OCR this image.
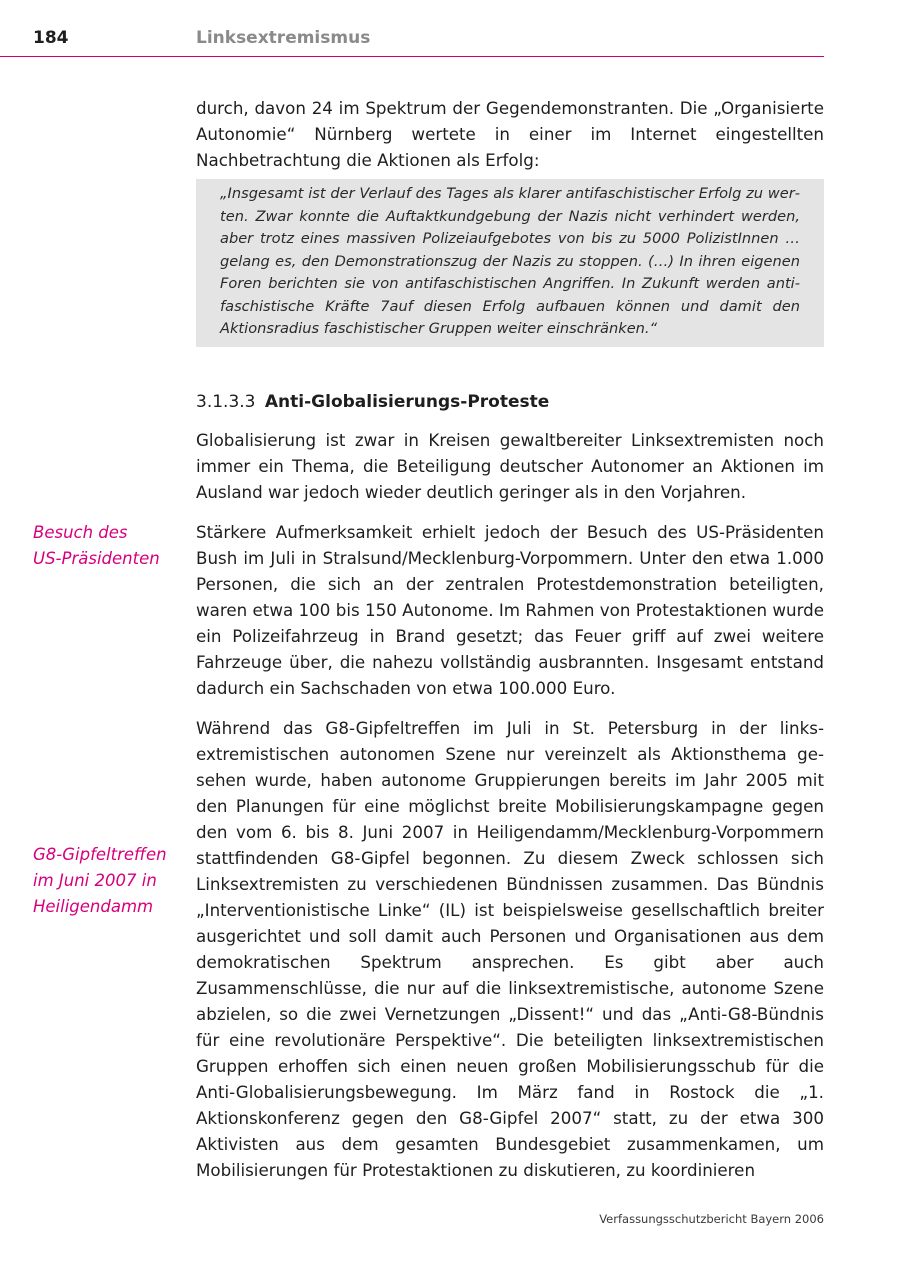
184	Linksextremismus
Besuch des
US-Präsidenten
G8-Gipfeltreffen
im Juni 2007 in
Heiligendamm

durch, davon 24 im Spektrum der Gegendemonstranten. Die „Organisierte Autonomie“ Nürnberg wertete in einer im Internet eingestellten Nachbetrachtung die Aktionen als Erfolg:

„Insgesamt ist der Verlauf des Tages als klarer antifaschistischer Erfolg zu werten. Zwar konnte die Auftaktkundgebung der Nazis nicht verhindert werden, aber trotz eines massiven Polizeiaufgebotes von bis zu 5000 PolizistInnen … gelang es, den Demonstrationszug der Nazis zu stoppen. (…) In ihren eigenen Foren berichten sie von antifaschistischen Angriffen. In Zukunft werden antifaschistische Kräfte 7auf diesen Erfolg aufbauen können und damit den Aktionsradius faschistischer Gruppen weiter einschränken.“

3.1.3.3 Anti-Globalisierungs-Proteste

Globalisierung ist zwar in Kreisen gewaltbereiter Linksextremisten noch immer ein Thema, die Beteiligung deutscher Autonomer an Aktionen im Ausland war jedoch wieder deutlich geringer als in den Vorjahren.

Stärkere Aufmerksamkeit erhielt jedoch der Besuch des US-Präsidenten Bush im Juli in Stralsund/Mecklenburg-Vorpommern. Unter den etwa 1.000 Personen, die sich an der zentralen Protestdemonstration beteiligten, waren etwa 100 bis 150 Autonome. Im Rahmen von Protestaktionen wurde ein Polizeifahrzeug in Brand gesetzt; das Feuer griff auf zwei weitere Fahrzeuge über, die nahezu vollständig ausbrannten. Insgesamt entstand dadurch ein Sachschaden von etwa 100.000 Euro.

Während das G8-Gipfeltreffen im Juli in St. Petersburg in der linksextremistischen autonomen Szene nur vereinzelt als Aktionsthema gesehen wurde, haben autonome Gruppierungen bereits im Jahr 2005 mit den Planungen für eine möglichst breite Mobilisierungskampagne gegen den vom 6. bis 8. Juni 2007 in Heiligendamm/Mecklenburg-Vorpommern stattfindenden G8-Gipfel begonnen. Zu diesem Zweck schlossen sich Linksextremisten zu verschiedenen Bündnissen zusammen. Das Bündnis „Interventionistische Linke“ (IL) ist beispielsweise gesellschaftlich breiter ausgerichtet und soll damit auch Personen und Organisationen aus dem demokratischen Spektrum ansprechen. Es gibt aber auch Zusammenschlüsse, die nur auf die linksextremistische, autonome Szene abzielen, so die zwei Vernetzungen „Dissent!“ und das „Anti-G8-Bündnis für eine revolutionäre Perspektive“. Die beteiligten linksextremistischen Gruppen erhoffen sich einen neuen großen Mobilisierungsschub für die Anti-Globalisierungsbewegung. Im März fand in Rostock die „1. Aktionskonferenz gegen den G8-Gipfel 2007“ statt, zu der etwa 300 Aktivisten aus dem gesamten Bundesgebiet zusammenkamen, um Mobilisierungen für Protestaktionen zu diskutieren, zu koordinieren

Verfassungsschutzbericht Bayern 2006
